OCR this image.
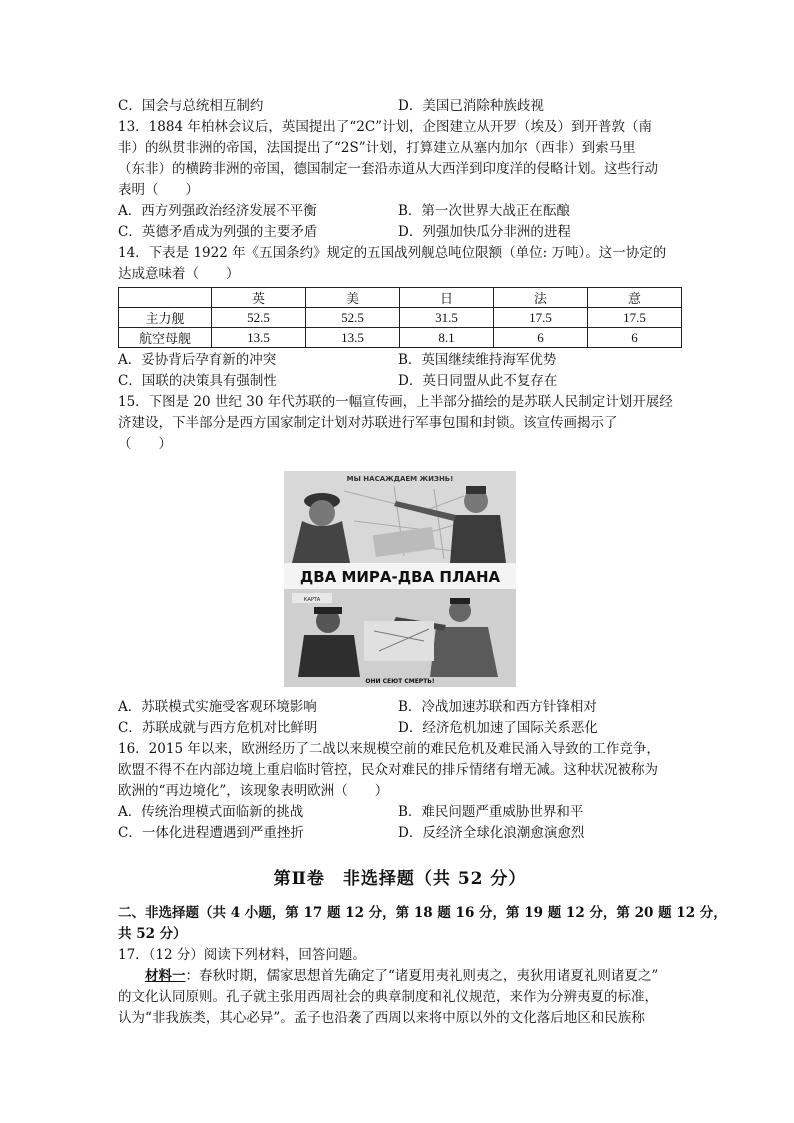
C．国会与总统相互制约	D．美国已消除种族歧视
13．1884 年柏林会议后，英国提出了“2C”计划，企图建立从开罗（埃及）到开普敦（南
非）的纵贯非洲的帝国，法国提出了“2S”计划，打算建立从塞内加尔（西非）到索马里
（东非）的横跨非洲的帝国，德国制定一套沿赤道从大西洋到印度洋的侵略计划。这些行动
表明（　　）
A．西方列强政治经济发展不平衡	B．第一次世界大战正在酝酿
C．英德矛盾成为列强的主要矛盾	D．列强加快瓜分非洲的进程
14．下表是 1922 年《五国条约》规定的五国战列舰总吨位限额（单位: 万吨）。这一协定的
达成意味着（　　）
	英	美	日	法	意
主力舰	52.5	52.5	31.5	17.5	17.5
航空母舰	13.5	13.5	8.1	6	6
A．妥协背后孕育新的冲突	B．英国继续维持海军优势
C．国联的决策具有强制性	D．英日同盟从此不复存在
15．下图是 20 世纪 30 年代苏联的一幅宣传画，上半部分描绘的是苏联人民制定计划开展经
济建设，下半部分是西方国家制定计划对苏联进行军事包围和封锁。该宣传画揭示了
（　　）
МЫ НАСАЖДАЕМ ЖИЗНЬ!
ДВА МИРА-ДВА ПЛАНА
КАРТА
ОНИ СЕЮТ СМЕРТЬ!
A．苏联模式实施受客观环境影响	B．冷战加速苏联和西方针锋相对
C．苏联成就与西方危机对比鲜明	D．经济危机加速了国际关系恶化
16．2015 年以来，欧洲经历了二战以来规模空前的难民危机及难民涌入导致的工作竞争，
欧盟不得不在内部边境上重启临时管控，民众对难民的排斥情绪有增无减。这种状况被称为
欧洲的“再边境化”，该现象表明欧洲（　　）
A．传统治理模式面临新的挑战	B．难民问题严重威胁世界和平
C．一体化进程遭遇到严重挫折	D．反经济全球化浪潮愈演愈烈
第Ⅱ卷　非选择题（共 52 分）
二、非选择题（共 4 小题，第 17 题 12 分，第 18 题 16 分，第 19 题 12 分，第 20 题 12 分，
共 52 分）
17．（12 分）阅读下列材料，回答问题。
材料一：春秋时期，儒家思想首先确定了“诸夏用夷礼则夷之，夷狄用诸夏礼则诸夏之”
的文化认同原则。孔子就主张用西周社会的典章制度和礼仪规范，来作为分辨夷夏的标准，
认为“非我族类，其心必异”。孟子也沿袭了西周以来将中原以外的文化落后地区和民族称
